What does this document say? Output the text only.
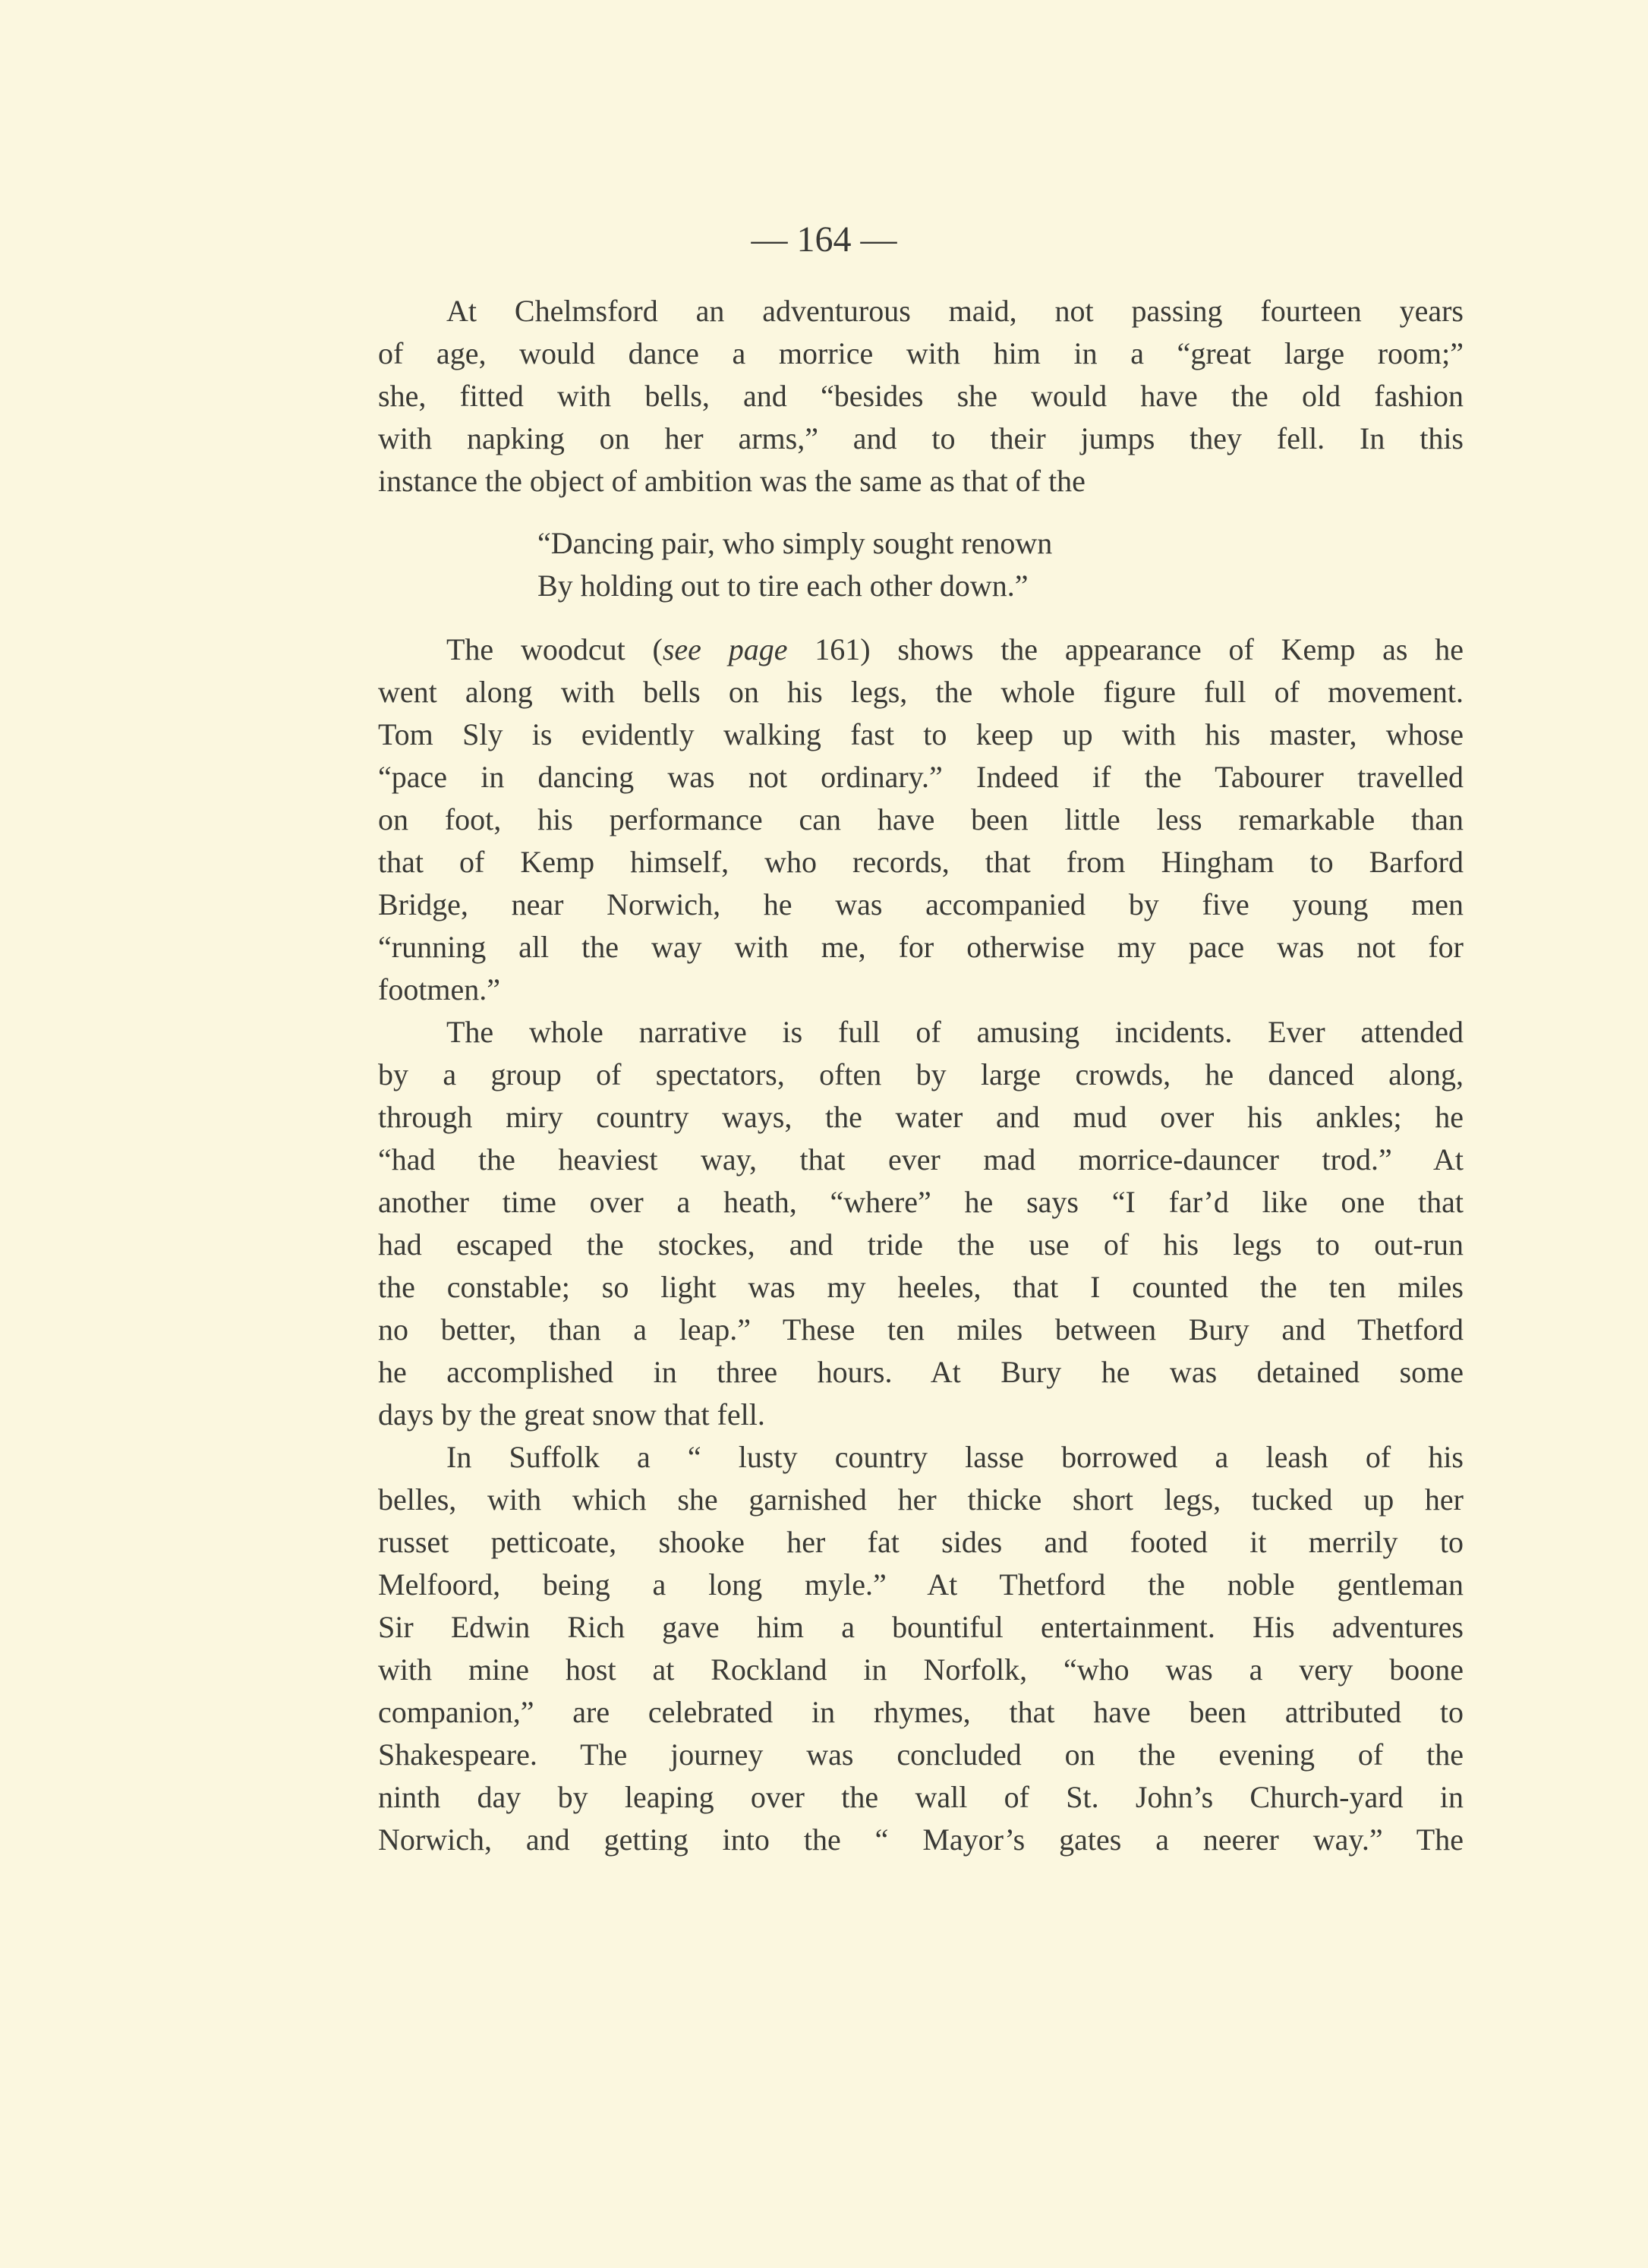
— 164 —
At Chelmsford an adventurous maid, not passing fourteen years
of age, would dance a morrice with him in a “great large room;”
she, fitted with bells, and “besides she would have the old fashion
with napking on her arms,” and to their jumps they fell. In this
instance the object of ambition was the same as that of the
“Dancing pair, who simply sought renown
By holding out to tire each other down.”
The woodcut (see page 161) shows the appearance of Kemp as he
went along with bells on his legs, the whole figure full of movement.
Tom Sly is evidently walking fast to keep up with his master, whose
“pace in dancing was not ordinary.” Indeed if the Tabourer travelled
on foot, his performance can have been little less remarkable than
that of Kemp himself, who records, that from Hingham to Barford
Bridge, near Norwich, he was accompanied by five young men
“running all the way with me, for otherwise my pace was not for
footmen.”
The whole narrative is full of amusing incidents. Ever attended
by a group of spectators, often by large crowds, he danced along,
through miry country ways, the water and mud over his ankles; he
“had the heaviest way, that ever mad morrice-dauncer trod.” At
another time over a heath, “where” he says “I far’d like one that
had escaped the stockes, and tride the use of his legs to out-run
the constable; so light was my heeles, that I counted the ten miles
no better, than a leap.” These ten miles between Bury and Thetford
he accomplished in three hours. At Bury he was detained some
days by the great snow that fell.
In Suffolk a “ lusty country lasse borrowed a leash of his
belles, with which she garnished her thicke short legs, tucked up her
russet petticoate, shooke her fat sides and footed it merrily to
Melfoord, being a long myle.” At Thetford the noble gentleman
Sir Edwin Rich gave him a bountiful entertainment. His adventures
with mine host at Rockland in Norfolk, “who was a very boone
companion,” are celebrated in rhymes, that have been attributed to
Shakespeare. The journey was concluded on the evening of the
ninth day by leaping over the wall of St. John’s Church-yard in
Norwich, and getting into the “ Mayor’s gates a neerer way.” The
